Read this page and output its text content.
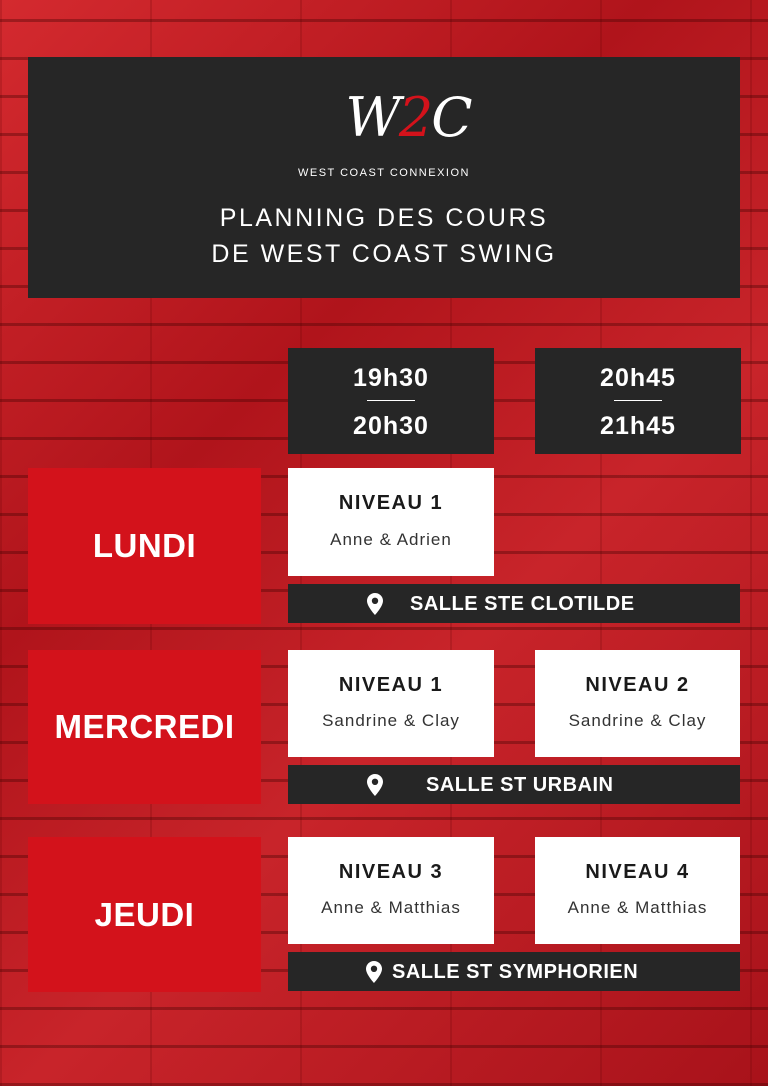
W2C
WEST COAST CONNEXION
PLANNING DES COURS
DE WEST COAST SWING
19h30
20h30
20h45
21h45
LUNDI
NIVEAU 1
Anne & Adrien
SALLE STE CLOTILDE
MERCREDI
NIVEAU 1
Sandrine & Clay
NIVEAU 2
Sandrine & Clay
SALLE ST URBAIN
JEUDI
NIVEAU 3
Anne & Matthias
NIVEAU 4
Anne & Matthias
SALLE ST SYMPHORIEN
